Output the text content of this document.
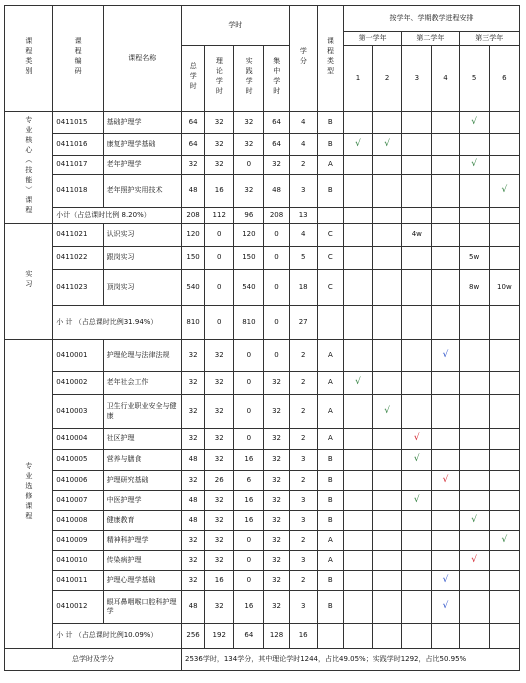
课程类别	课程编码	课程名称	学时				学分	课程类型	按学年、学期教学进程安排					
									第一学年		第二学年		第三学年	
			总学时	理论学时	实践学时	集中学时			1	2	3	4	5	6
专业核心（技能）课程	0411015	基础护理学	64	32	32	64	4	B					√	
	0411016	康复护理学基础	64	32	32	64	4	B	√	√				
	0411017	老年护理学	32	32	0	32	2	A					√	
	0411018	老年照护实用技术	48	16	32	48	3	B						√
	小计（占总课时比例 8.20%）		208	112	96	208	13							
实习	0411021	认识实习	120	0	120	0	4	C			4w			
	0411022	跟岗实习	150	0	150	0	5	C					5w	
	0411023	顶岗实习	540	0	540	0	18	C					8w	10w
	小 计 （占总课时比例31.94%）		810	0	810	0	27							
专业选修课程	0410001	护理伦理与法律法规	32	32	0	0	2	A				√		
	0410002	老年社会工作	32	32	0	32	2	A	√					
	0410003	卫生行业职业安全与健康	32	32	0	32	2	A		√				
	0410004	社区护理	32	32	0	32	2	A			√			
	0410005	营养与膳食	48	32	16	32	3	B			√			
	0410006	护理研究基础	32	26	6	32	2	B				√		
	0410007	中医护理学	48	32	16	32	3	B			√			
	0410008	健康教育	48	32	16	32	3	B					√	
	0410009	精神科护理学	32	32	0	32	2	A						√
	0410010	传染病护理	32	32	0	32	3	A					√	
	0410011	护理心理学基础	32	16	0	32	2	B				√		
	0410012	眼耳鼻咽喉口腔科护理学	48	32	16	32	3	B				√		
	小 计 （占总课时比例10.09%）		256	192	64	128	16							
总学时及学分			2536学时，134学分，其中理论学时1244，占比49.05%；实践学时1292，占比50.95%											
